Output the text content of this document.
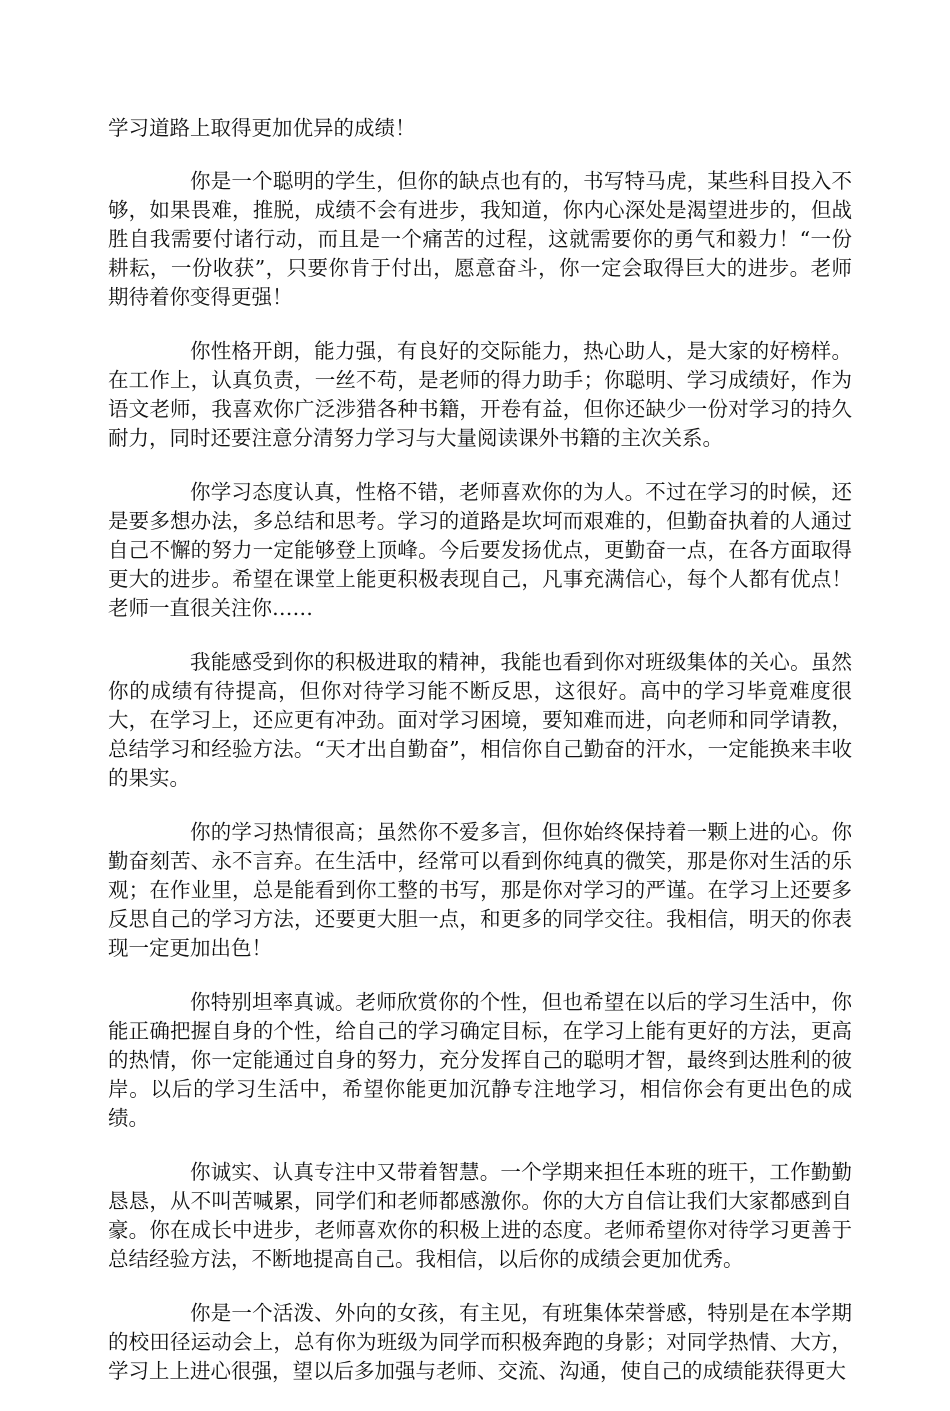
学习道路上取得更加优异的成绩！

你是一个聪明的学生，但你的缺点也有的，书写特马虎，某些科目投入不够，如果畏难，推脱，成绩不会有进步，我知道，你内心深处是渴望进步的，但战胜自我需要付诸行动，而且是一个痛苦的过程，这就需要你的勇气和毅力！“一份耕耘，一份收获”，只要你肯于付出，愿意奋斗，你一定会取得巨大的进步。老师期待着你变得更强！

你性格开朗，能力强，有良好的交际能力，热心助人，是大家的好榜样。在工作上，认真负责，一丝不苟，是老师的得力助手；你聪明、学习成绩好，作为语文老师，我喜欢你广泛涉猎各种书籍，开卷有益，但你还缺少一份对学习的持久耐力，同时还要注意分清努力学习与大量阅读课外书籍的主次关系。

你学习态度认真，性格不错，老师喜欢你的为人。不过在学习的时候，还是要多想办法，多总结和思考。学习的道路是坎坷而艰难的，但勤奋执着的人通过自己不懈的努力一定能够登上顶峰。今后要发扬优点，更勤奋一点，在各方面取得更大的进步。希望在课堂上能更积极表现自己，凡事充满信心，每个人都有优点！老师一直很关注你……

我能感受到你的积极进取的精神，我能也看到你对班级集体的关心。虽然你的成绩有待提高，但你对待学习能不断反思，这很好。高中的学习毕竟难度很大，在学习上，还应更有冲劲。面对学习困境，要知难而进，向老师和同学请教，总结学习和经验方法。“天才出自勤奋”，相信你自己勤奋的汗水，一定能换来丰收的果实。

你的学习热情很高；虽然你不爱多言，但你始终保持着一颗上进的心。你勤奋刻苦、永不言弃。在生活中，经常可以看到你纯真的微笑，那是你对生活的乐观；在作业里，总是能看到你工整的书写，那是你对学习的严谨。在学习上还要多反思自己的学习方法，还要更大胆一点，和更多的同学交往。我相信，明天的你表现一定更加出色！

你特别坦率真诚。老师欣赏你的个性，但也希望在以后的学习生活中，你能正确把握自身的个性，给自己的学习确定目标，在学习上能有更好的方法，更高的热情，你一定能通过自身的努力，充分发挥自己的聪明才智，最终到达胜利的彼岸。以后的学习生活中，希望你能更加沉静专注地学习，相信你会有更出色的成绩。

你诚实、认真专注中又带着智慧。一个学期来担任本班的班干，工作勤勤恳恳，从不叫苦喊累，同学们和老师都感激你。你的大方自信让我们大家都感到自豪。你在成长中进步，老师喜欢你的积极上进的态度。老师希望你对待学习更善于总结经验方法，不断地提高自己。我相信，以后你的成绩会更加优秀。

你是一个活泼、外向的女孩，有主见，有班集体荣誉感，特别是在本学期的校田径运动会上，总有你为班级为同学而积极奔跑的身影；对同学热情、大方，学习上上进心很强，望以后多加强与老师、交流、沟通，使自己的成绩能获得更大
